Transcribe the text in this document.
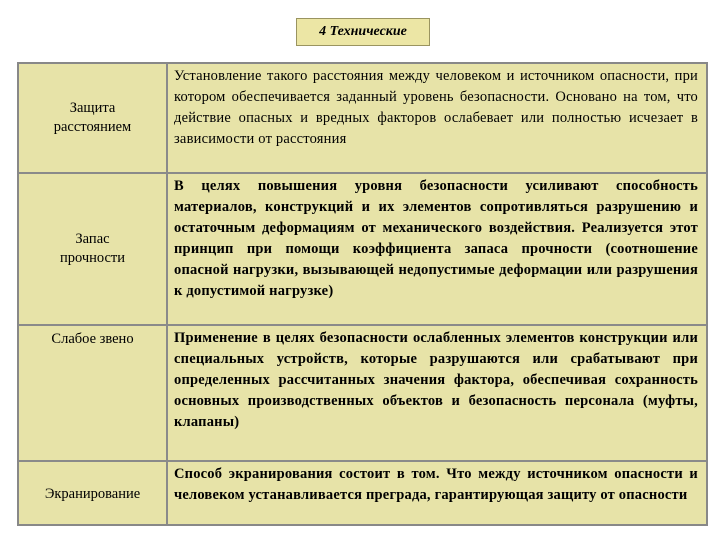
4 Технические
Защита расстоянием
Установление такого расстояния между человеком и источником опасности, при котором обеспечивается заданный уровень безопасности. Основано на том, что действие опасных и вредных факторов ослабевает или полностью исчезает в зависимости от расстояния
Запас прочности
В целях повышения уровня безопасности усиливают способность материалов, конструкций и их элементов сопротивляться разрушению и остаточным деформациям от механического воздействия. Реализуется этот принцип при помощи коэффициента запаса прочности (соотношение опасной нагрузки, вызывающей недопустимые деформации или разрушения к допустимой нагрузке)
Слабое звено	Применение в целях безопасности ослабленных элементов конструкции или специальных устройств, которые разрушаются или срабатывают при определенных рассчитанных значения фактора, обеспечивая сохранность основных производственных объектов и безопасность персонала (муфты, клапаны)
Экранирование
Способ экранирования состоит в том. Что между источником опасности и человеком устанавливается преграда, гарантирующая защиту от опасности
